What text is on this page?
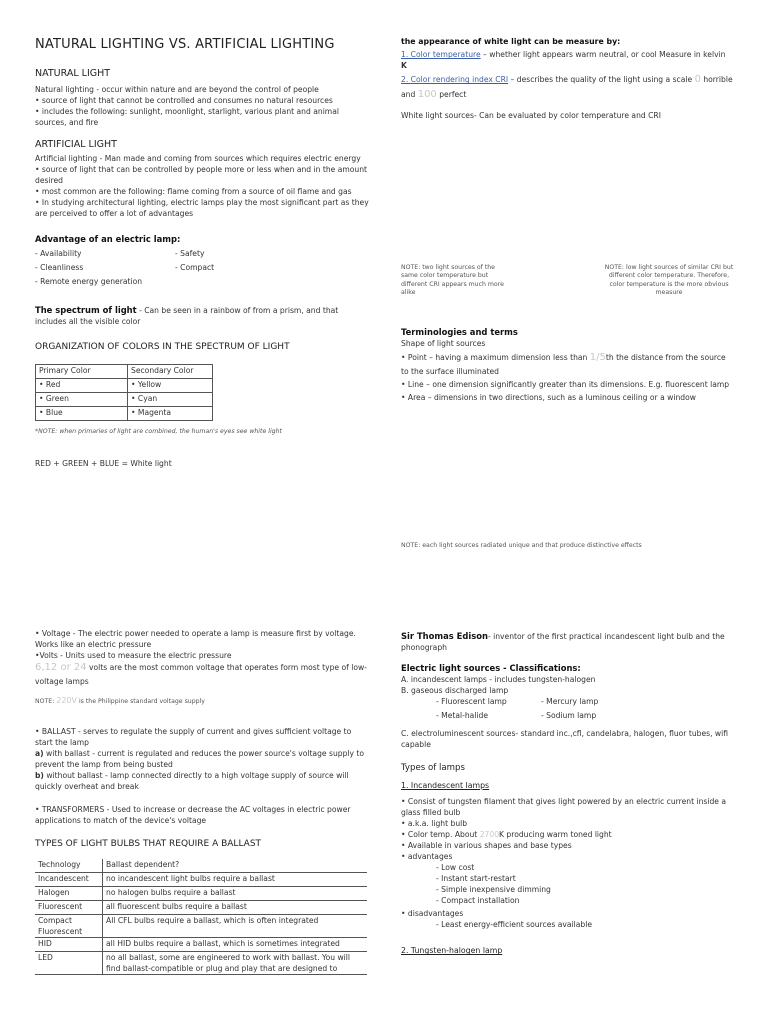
NATURAL LIGHTING VS. ARTIFICIAL LIGHTING

NATURAL LIGHT

Natural lighting - occur within nature and are beyond the control of people

• source of light that cannot be controlled and consumes no natural resources

• includes the following: sunlight, moonlight, starlight, various plant and animal sources, and fire

ARTIFICIAL LIGHT

Artificial lighting - Man made and coming from sources which requires electric energy

• source of light that can be controlled by people more or less when and in the amount desired

• most common are the following: flame coming from a source of oil flame and gas

• In studying architectural lighting, electric lamps play the most significant part as they are perceived to offer a lot of advantages

Advantage of an electric lamp:

- Availability

- Cleanliness

- Remote energy generation

- Safety

- Compact

The spectrum of light - Can be seen in a rainbow of from a prism, and that includes all the visible color

ORGANIZATION OF COLORS IN THE SPECTRUM OF LIGHT

Primary Color	Secondary Color
• Red	• Yellow
• Green	• Cyan
• Blue	• Magenta

*NOTE: when primaries of light are combined, the human's eyes see white light

RED + GREEN + BLUE = White light

the appearance of white light can be measure by:

1. Color temperature – whether light appears warm neutral, or cool Measure in kelvin K

2. Color rendering index CRI – describes the quality of the light using a scale 0 horrible and 100 perfect

White light sources- Can be evaluated by color temperature and CRI

NOTE: two light sources of the same color temperature but different CRI appears much more alike

NOTE: low light sources of similar CRI but different color temperature. Therefore, color temperature is the more obvious measure

Terminologies and terms

Shape of light sources

• Point – having a maximum dimension less than 1/5th the distance from the source to the surface illuminated

• Line – one dimension significantly greater than its dimensions. E.g. fluorescent lamp

• Area – dimensions in two directions, such as a luminous ceiling or a window

NOTE: each light sources radiated unique and that produce distinctive effects

• Voltage - The electric power needed to operate a lamp is measure first by voltage. Works like an electric pressure

•Volts - Units used to measure the electric pressure

6,12 or 24 volts are the most common voltage that operates form most type of low-voltage lamps

NOTE: 220V is the Philippine standard voltage supply

• BALLAST - serves to regulate the supply of current and gives sufficient voltage to start the lamp

a) with ballast - current is regulated and reduces the power source's voltage supply to prevent the lamp from being busted

b) without ballast - lamp connected directly to a high voltage supply of source will quickly overheat and break

• TRANSFORMERS - Used to increase or decrease the AC voltages in electric power applications to match of the device's voltage

TYPES OF LIGHT BULBS THAT REQUIRE A BALLAST

Technology	Ballast dependent?
Incandescent	no incandescent light bulbs require a ballast
Halogen	no halogen bulbs require a ballast
Fluorescent	all fluorescent bulbs require a ballast
Compact Fluorescent	All CFL bulbs require a ballast, which is often integrated
HID	all HID bulbs require a ballast, which is sometimes integrated
LED	no all ballast, some are engineered to work with ballast. You will find ballast-compatible or plug and play that are designed to

Sir Thomas Edison- inventor of the first practical incandescent light bulb and the phonograph

Electric light sources - Classifications:

A. incandescent lamps - includes tungsten-halogen

B. gaseous discharged lamp

- Fluorescent lamp

- Metal-halide

- Mercury lamp

- Sodium lamp

C. electroluminescent sources- standard inc.,cfl, candelabra, halogen, fluor tubes, wifi capable

Types of lamps

1. Incandescent lamps

• Consist of tungsten filament that gives light powered by an electric current inside a glass filled bulb

• a.k.a. light bulb

• Color temp. About 2700K producing warm toned light

• Available in various shapes and base types

• advantages

- Low cost

- Instant start-restart

- Simple inexpensive dimming

- Compact installation

• disadvantages

- Least energy-efficient sources available

2. Tungsten-halogen lamp
